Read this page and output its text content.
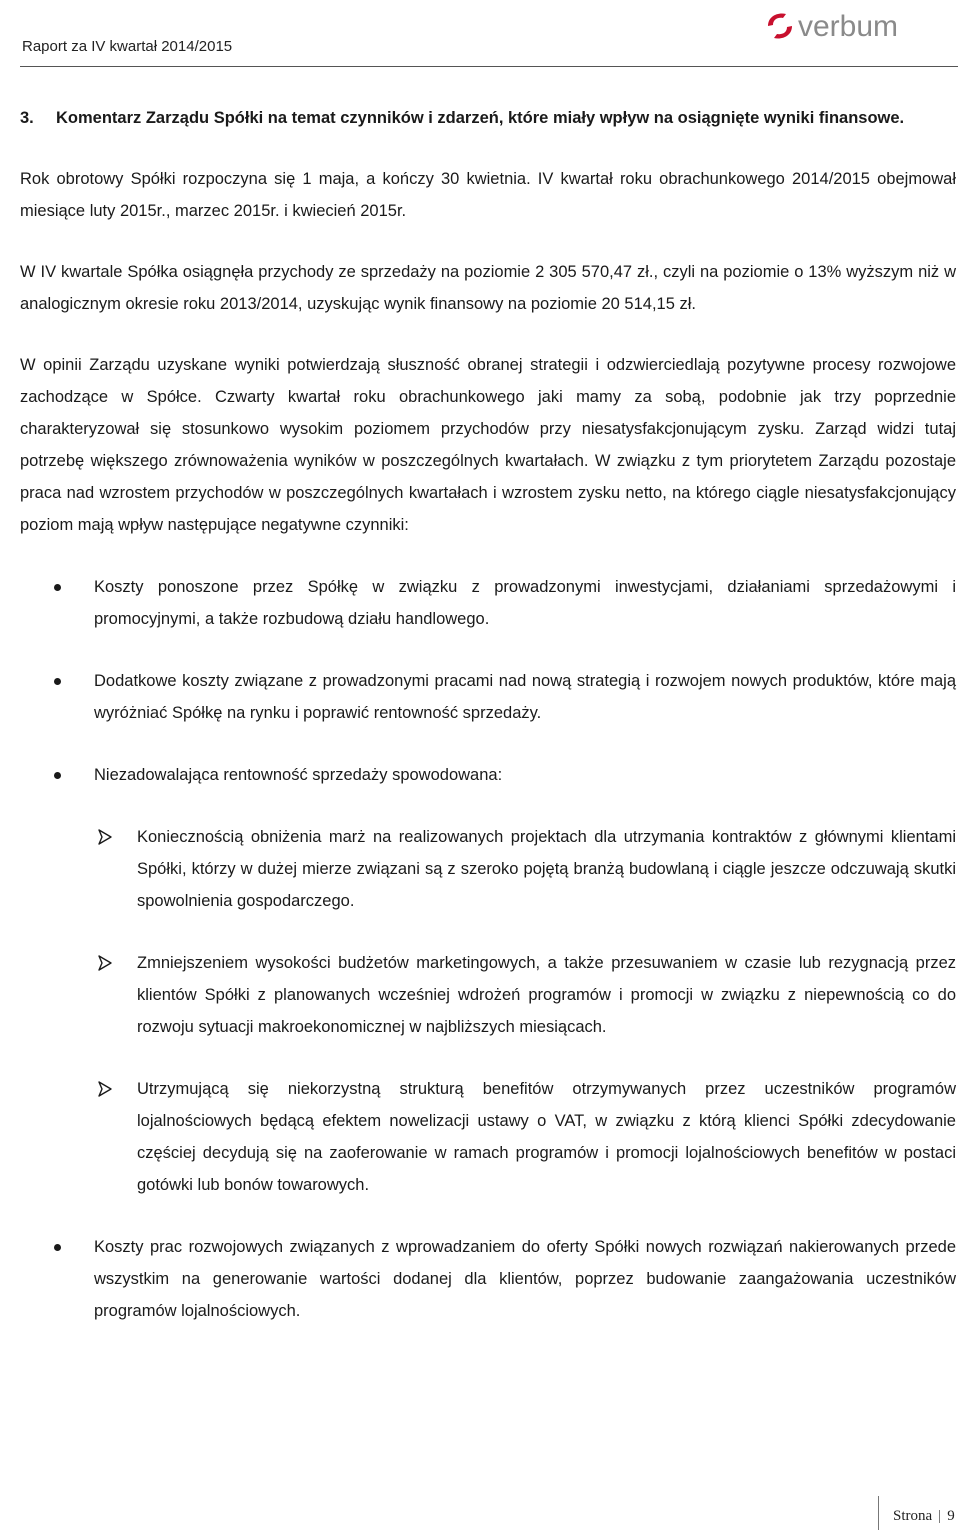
Raport za IV kwartał 2014/2015
verbum
3.	Komentarz Zarządu Spółki na temat czynników i zdarzeń, które miały wpływ na osiągnięte wyniki finansowe.

Rok obrotowy Spółki rozpoczyna się 1 maja, a kończy 30 kwietnia. IV kwartał roku obrachunkowego 2014/2015 obejmował miesiące luty 2015r., marzec 2015r. i kwiecień 2015r.

W IV kwartale Spółka osiągnęła przychody ze sprzedaży na poziomie 2 305 570,47 zł., czyli na poziomie o 13% wyższym niż w analogicznym okresie roku 2013/2014, uzyskując wynik finansowy na poziomie 20 514,15 zł.

W opinii Zarządu uzyskane wyniki potwierdzają słuszność obranej strategii i odzwierciedlają pozytywne procesy rozwojowe zachodzące w Spółce. Czwarty kwartał roku obrachunkowego jaki mamy za sobą, podobnie jak trzy poprzednie charakteryzował się stosunkowo wysokim poziomem przychodów przy niesatysfakcjonującym zysku. Zarząd widzi tutaj potrzebę większego zrównoważenia wyników w poszczególnych kwartałach. W związku z tym priorytetem Zarządu pozostaje praca nad wzrostem przychodów w poszczególnych kwartałach i wzrostem zysku netto, na którego ciągle niesatysfakcjonujący poziom mają wpływ następujące negatywne czynniki:

Koszty ponoszone przez Spółkę w związku z prowadzonymi inwestycjami, działaniami sprzedażowymi i promocyjnymi, a także rozbudową działu handlowego.
Dodatkowe koszty związane z prowadzonymi pracami nad nową strategią i rozwojem nowych produktów, które mają wyróżniać Spółkę na rynku i poprawić rentowność sprzedaży.
Niezadowalająca rentowność sprzedaży spowodowana:
Koniecznością obniżenia marż na realizowanych projektach dla utrzymania kontraktów z głównymi klientami Spółki, którzy w dużej mierze związani są z szeroko pojętą branżą budowlaną i ciągle jeszcze odczuwają skutki spowolnienia gospodarczego.
Zmniejszeniem wysokości budżetów marketingowych, a także przesuwaniem w czasie lub rezygnacją przez klientów Spółki z planowanych wcześniej wdrożeń programów i promocji w związku z niepewnością co do rozwoju sytuacji makroekonomicznej w najbliższych miesiącach.
Utrzymującą się niekorzystną strukturą benefitów otrzymywanych przez uczestników programów lojalnościowych będącą efektem nowelizacji ustawy o VAT, w związku z którą klienci Spółki zdecydowanie częściej decydują się na zaoferowanie w ramach programów i promocji lojalnościowych benefitów w postaci gotówki lub bonów towarowych.
Koszty prac rozwojowych związanych z wprowadzaniem do oferty Spółki nowych rozwiązań nakierowanych przede wszystkim na generowanie wartości dodanej dla klientów, poprzez budowanie zaangażowania uczestników programów lojalnościowych.
Strona | 9
